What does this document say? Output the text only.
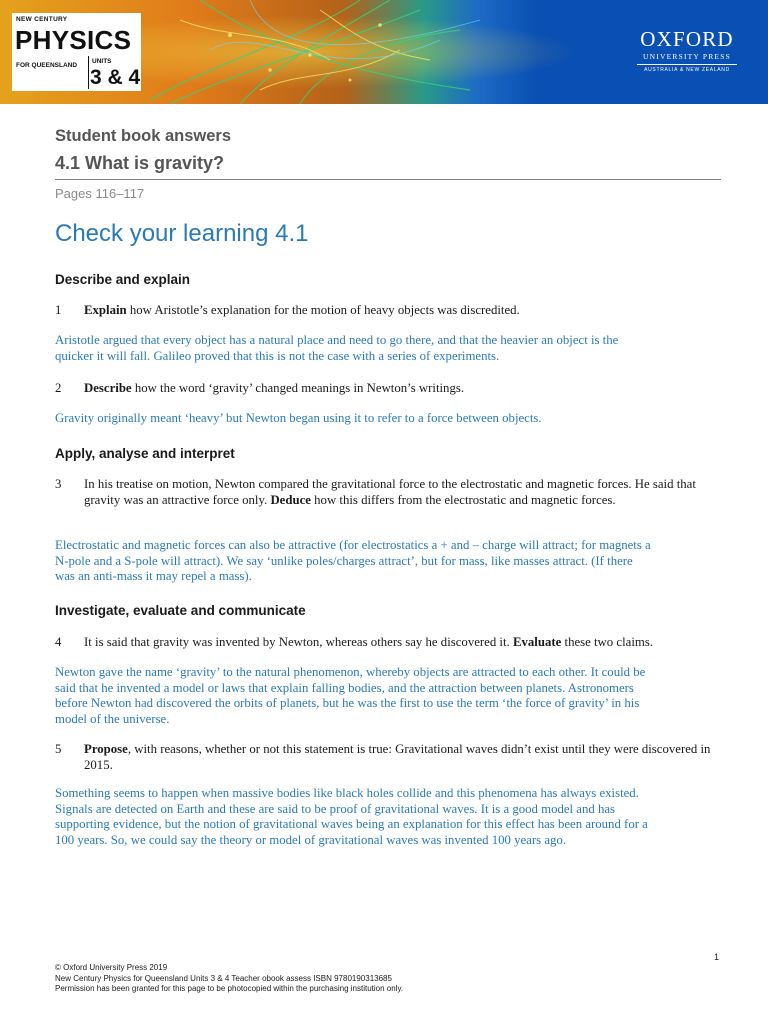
NEW CENTURY
PHYSICS
FOR QUEENSLAND
UNITS
3 & 4
OXFORD
UNIVERSITY PRESS
AUSTRALIA & NEW ZEALAND
Student book answers
4.1 What is gravity?
Pages 116–117
Check your learning 4.1
Describe and explain
1 Explain how Aristotle’s explanation for the motion of heavy objects was discredited.
Aristotle argued that every object has a natural place and need to go there, and that the heavier an object is the
quicker it will fall. Galileo proved that this is not the case with a series of experiments.
2 Describe how the word ‘gravity’ changed meanings in Newton’s writings.
Gravity originally meant ‘heavy’ but Newton began using it to refer to a force between objects.
Apply, analyse and interpret
3 In his treatise on motion, Newton compared the gravitational force to the electrostatic and magnetic forces. He said that gravity was an attractive force only. Deduce how this differs from the electrostatic and magnetic forces.
Electrostatic and magnetic forces can also be attractive (for electrostatics a + and – charge will attract; for magnets a
N-pole and a S-pole will attract). We say ‘unlike poles/charges attract’, but for mass, like masses attract. (If there
was an anti-mass it may repel a mass).
Investigate, evaluate and communicate
4 It is said that gravity was invented by Newton, whereas others say he discovered it. Evaluate these two claims.
Newton gave the name ‘gravity’ to the natural phenomenon, whereby objects are attracted to each other. It could be
said that he invented a model or laws that explain falling bodies, and the attraction between planets. Astronomers
before Newton had discovered the orbits of planets, but he was the first to use the term ‘the force of gravity’ in his
model of the universe.
5 Propose, with reasons, whether or not this statement is true: Gravitational waves didn’t exist until they were discovered in 2015.
Something seems to happen when massive bodies like black holes collide and this phenomena has always existed.
Signals are detected on Earth and these are said to be proof of gravitational waves. It is a good model and has
supporting evidence, but the notion of gravitational waves being an explanation for this effect has been around for a
100 years. So, we could say the theory or model of gravitational waves was invented 100 years ago.
1
© Oxford University Press 2019
New Century Physics for Queensland Units 3 & 4 Teacher obook assess ISBN 9780190313685
Permission has been granted for this page to be photocopied within the purchasing institution only.
